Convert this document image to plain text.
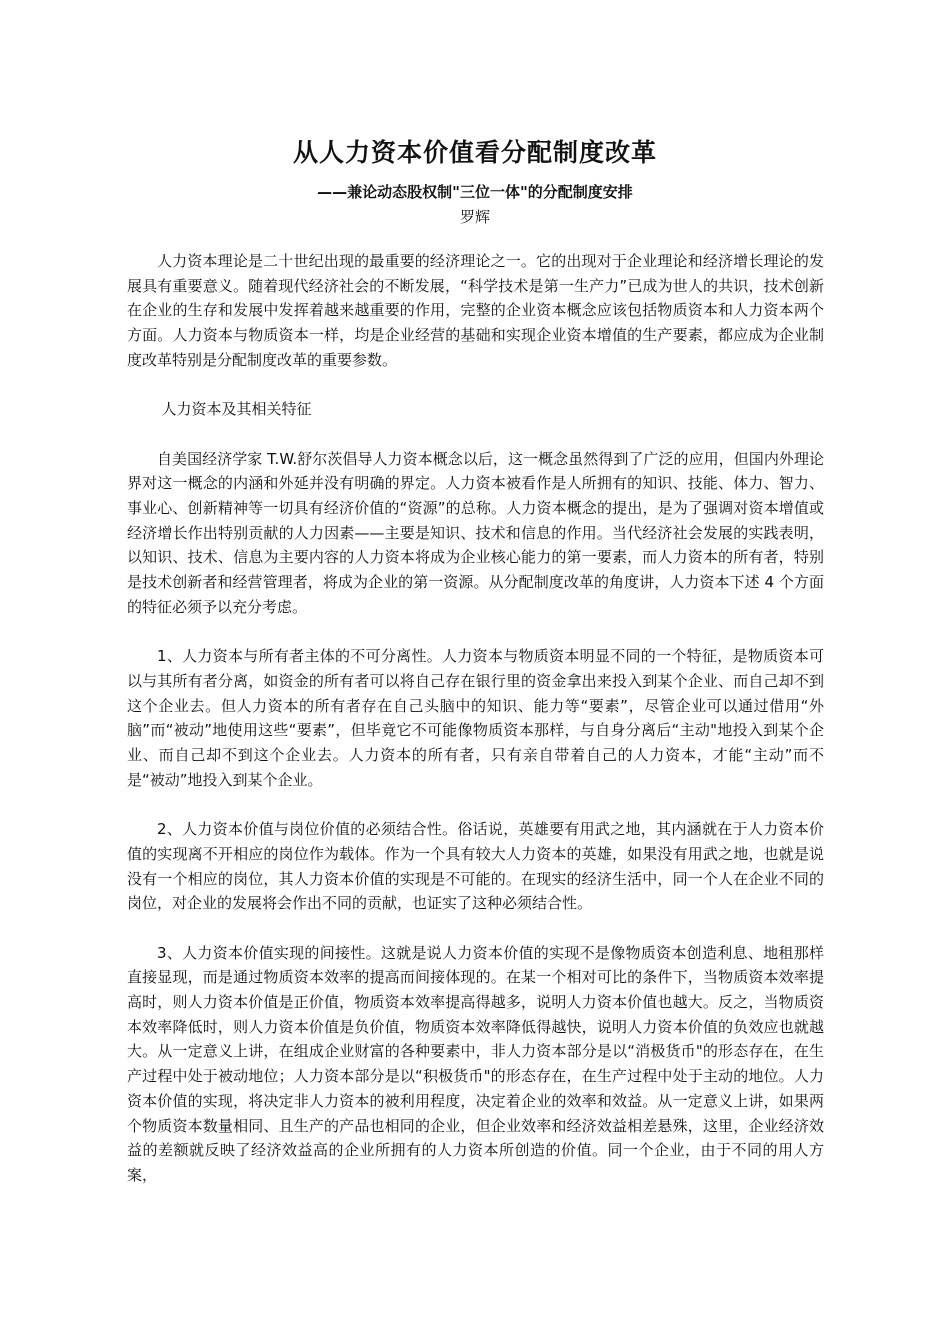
从人力资本价值看分配制度改革
——兼论动态股权制"三位一体"的分配制度安排
罗辉

人力资本理论是二十世纪出现的最重要的经济理论之一。它的出现对于企业理论和经济增长理论的发展具有重要意义。随着现代经济社会的不断发展，“科学技术是第一生产力”已成为世人的共识，技术创新在企业的生存和发展中发挥着越来越重要的作用，完整的企业资本概念应该包括物质资本和人力资本两个方面。人力资本与物质资本一样，均是企业经营的基础和实现企业资本增值的生产要素，都应成为企业制度改革特别是分配制度改革的重要参数。

人力资本及其相关特征

自美国经济学家 T.W.舒尔茨倡导人力资本概念以后，这一概念虽然得到了广泛的应用，但国内外理论界对这一概念的内涵和外延并没有明确的界定。人力资本被看作是人所拥有的知识、技能、体力、智力、事业心、创新精神等一切具有经济价值的“资源”的总称。人力资本概念的提出，是为了强调对资本增值或经济增长作出特别贡献的人力因素——主要是知识、技术和信息的作用。当代经济社会发展的实践表明，以知识、技术、信息为主要内容的人力资本将成为企业核心能力的第一要素，而人力资本的所有者，特别是技术创新者和经营管理者，将成为企业的第一资源。从分配制度改革的角度讲，人力资本下述 4 个方面的特征必须予以充分考虑。

1、人力资本与所有者主体的不可分离性。人力资本与物质资本明显不同的一个特征，是物质资本可以与其所有者分离，如资金的所有者可以将自己存在银行里的资金拿出来投入到某个企业、而自己却不到这个企业去。但人力资本的所有者存在自己头脑中的知识、能力等“要素”，尽管企业可以通过借用“外脑”而“被动”地使用这些“要素”，但毕竟它不可能像物质资本那样，与自身分离后“主动"地投入到某个企业、而自己却不到这个企业去。人力资本的所有者，只有亲自带着自己的人力资本，才能“主动”而不是“被动”地投入到某个企业。

2、人力资本价值与岗位价值的必须结合性。俗话说，英雄要有用武之地，其内涵就在于人力资本价值的实现离不开相应的岗位作为载体。作为一个具有较大人力资本的英雄，如果没有用武之地，也就是说没有一个相应的岗位，其人力资本价值的实现是不可能的。在现实的经济生活中，同一个人在企业不同的岗位，对企业的发展将会作出不同的贡献，也证实了这种必须结合性。

3、人力资本价值实现的间接性。这就是说人力资本价值的实现不是像物质资本创造利息、地租那样直接显现，而是通过物质资本效率的提高而间接体现的。在某一个相对可比的条件下，当物质资本效率提高时，则人力资本价值是正价值，物质资本效率提高得越多，说明人力资本价值也越大。反之，当物质资本效率降低时，则人力资本价值是负价值，物质资本效率降低得越快，说明人力资本价值的负效应也就越大。从一定意义上讲，在组成企业财富的各种要素中，非人力资本部分是以“消极货币"的形态存在，在生产过程中处于被动地位；人力资本部分是以“积极货币"的形态存在，在生产过程中处于主动的地位。人力资本价值的实现，将决定非人力资本的被利用程度，决定着企业的效率和效益。从一定意义上讲，如果两个物质资本数量相同、且生产的产品也相同的企业，但企业效率和经济效益相差悬殊，这里，企业经济效益的差额就反映了经济效益高的企业所拥有的人力资本所创造的价值。同一个企业，由于不同的用人方案，
